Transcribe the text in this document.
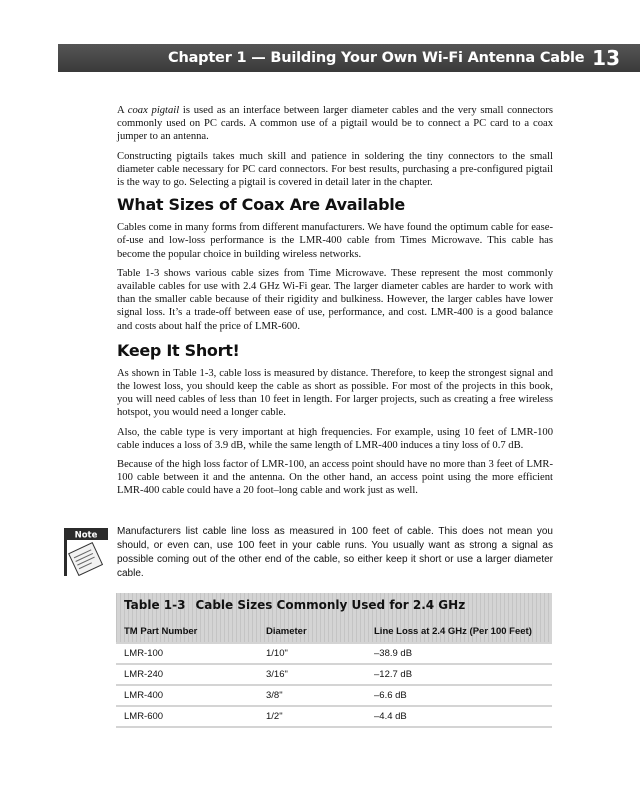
Chapter 1 — Building Your Own Wi-Fi Antenna Cable 13

A coax pigtail is used as an interface between larger diameter cables and the very small connectors commonly used on PC cards. A common use of a pigtail would be to connect a PC card to a coax jumper to an antenna.

Constructing pigtails takes much skill and patience in soldering the tiny connectors to the small diameter cable necessary for PC card connectors. For best results, purchasing a pre-configured pigtail is the way to go. Selecting a pigtail is covered in detail later in the chapter.

What Sizes of Coax Are Available

Cables come in many forms from different manufacturers. We have found the optimum cable for ease-of-use and low-loss performance is the LMR-400 cable from Times Microwave. This cable has become the popular choice in building wireless networks.

Table 1-3 shows various cable sizes from Time Microwave. These represent the most commonly available cables for use with 2.4 GHz Wi-Fi gear. The larger diameter cables are harder to work with than the smaller cable because of their rigidity and bulkiness. However, the larger cables have lower signal loss. It’s a trade-off between ease of use, performance, and cost. LMR-400 is a good balance and costs about half the price of LMR-600.

Keep It Short!

As shown in Table 1-3, cable loss is measured by distance. Therefore, to keep the strongest signal and the lowest loss, you should keep the cable as short as possible. For most of the projects in this book, you will need cables of less than 10 feet in length. For larger projects, such as creating a free wireless hotspot, you would need a longer cable.

Also, the cable type is very important at high frequencies. For example, using 10 feet of LMR-100 cable induces a loss of 3.9 dB, while the same length of LMR-400 induces a tiny loss of 0.7 dB.

Because of the high loss factor of LMR-100, an access point should have no more than 3 feet of LMR-100 cable between it and the antenna. On the other hand, an access point using the more efficient LMR-400 cable could have a 20 foot–long cable and work just as well.

Note Manufacturers list cable line loss as measured in 100 feet of cable. This does not mean you should, or even can, use 100 feet in your cable runs. You usually want as strong a signal as possible coming out of the other end of the cable, so either keep it short or use a larger diameter cable.
Table 1-3 Cable Sizes Commonly Used for 2.4 GHz
TM Part Number	Diameter	Line Loss at 2.4 GHz (Per 100 Feet)
LMR-100	1/10"	–38.9 dB
LMR-240	3/16"	–12.7 dB
LMR-400	3/8"	–6.6 dB
LMR-600	1/2"	–4.4 dB
